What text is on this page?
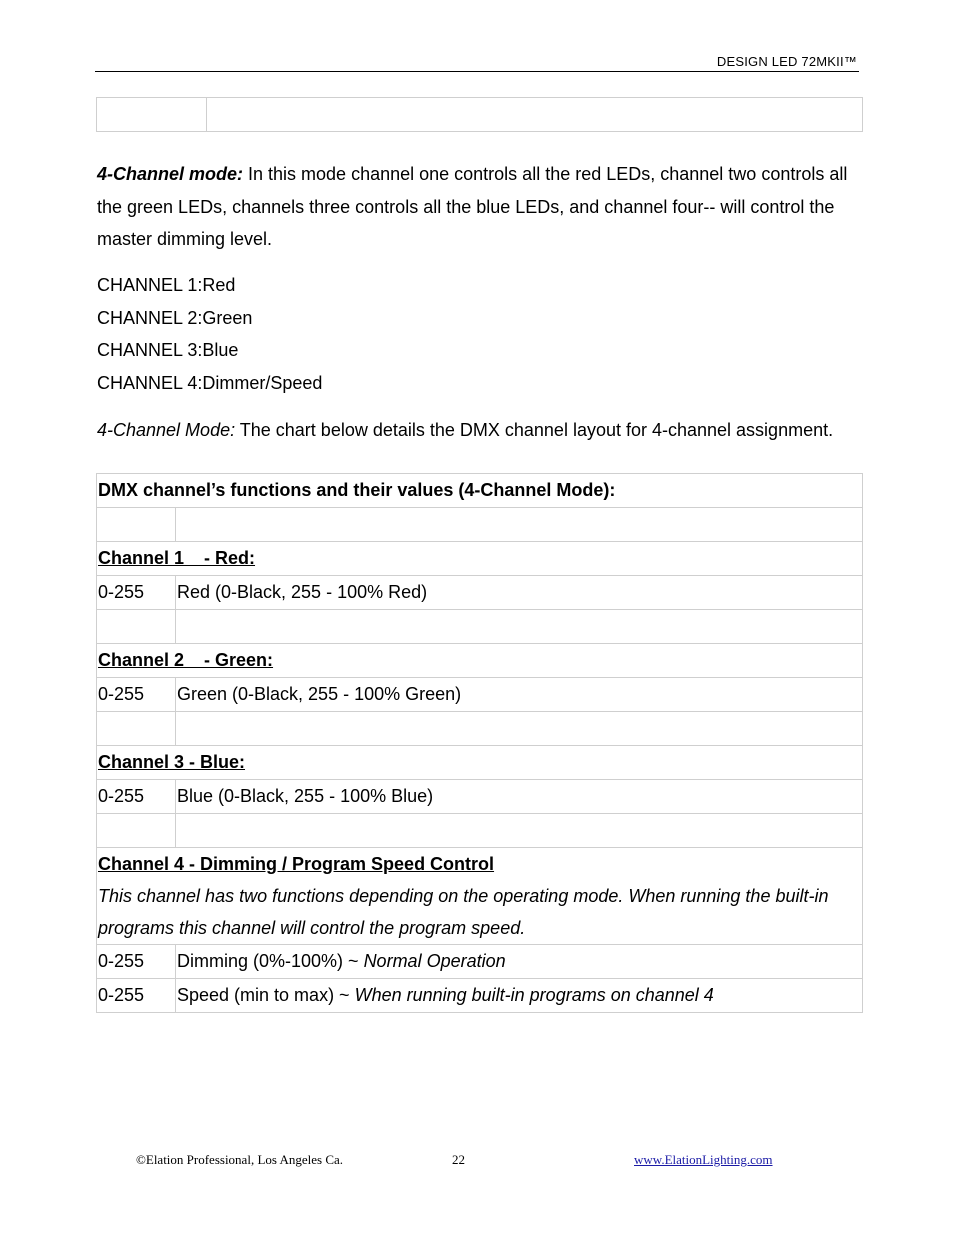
DESIGN LED 72MKII™

4-Channel mode: In this mode channel one controls all the red LEDs, channel two controls all the green LEDs, channels three controls all the blue LEDs, and channel four-- will control the master dimming level.
CHANNEL 1:Red
CHANNEL 2:Green
CHANNEL 3:Blue
CHANNEL 4:Dimmer/Speed
4-Channel Mode: The chart below details the DMX channel layout for 4-channel assignment.
DMX channel’s functions and their values (4-Channel Mode):	

Channel 1    - Red:	
0-255	Red (0-Black, 255 - 100% Red)

Channel 2    - Green:	
0-255	Green (0-Black, 255 - 100% Green)

Channel 3 - Blue:	
0-255	Blue (0-Black, 255 - 100% Blue)

Channel 4 - Dimming / Program Speed Control
This channel has two functions depending on the operating mode. When running the built-in programs this channel will control the program speed.	

0-255	Dimming (0%-100%) ~ Normal Operation
0-255	Speed (min to max) ~ When running built-in programs on channel 4
©Elation Professional, Los Angeles Ca.	22	www.ElationLighting.com
